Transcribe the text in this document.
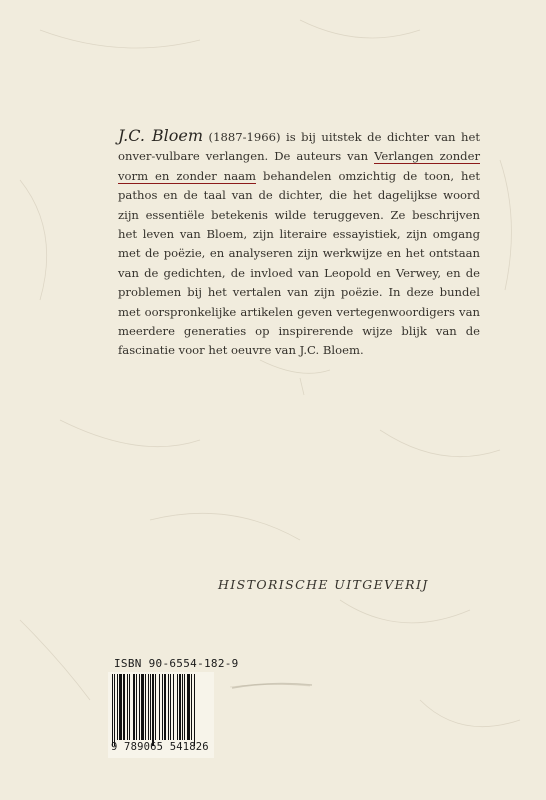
J.C. Bloem (1887-1966) is bij uitstek de dichter van het onver-vulbare verlangen. De auteurs van Verlangen zonder vorm en zonder naam behandelen omzichtig de toon, het pathos en de taal van de dichter, die het dagelijkse woord zijn essentiële betekenis wilde teruggeven. Ze beschrijven het leven van Bloem, zijn literaire essayistiek, zijn omgang met de poëzie, en analyseren zijn werkwijze en het ontstaan van de gedichten, de invloed van Leopold en Verwey, en de problemen bij het vertalen van zijn poëzie. In deze bundel met oorspronkelijke artikelen geven vertegenwoordigers van meerdere generaties op inspirerende wijze blijk van de fascinatie voor het oeuvre van J.C. Bloem.
HISTORISCHE UITGEVERIJ
ISBN 90-6554-182-9
9 789065 541826
